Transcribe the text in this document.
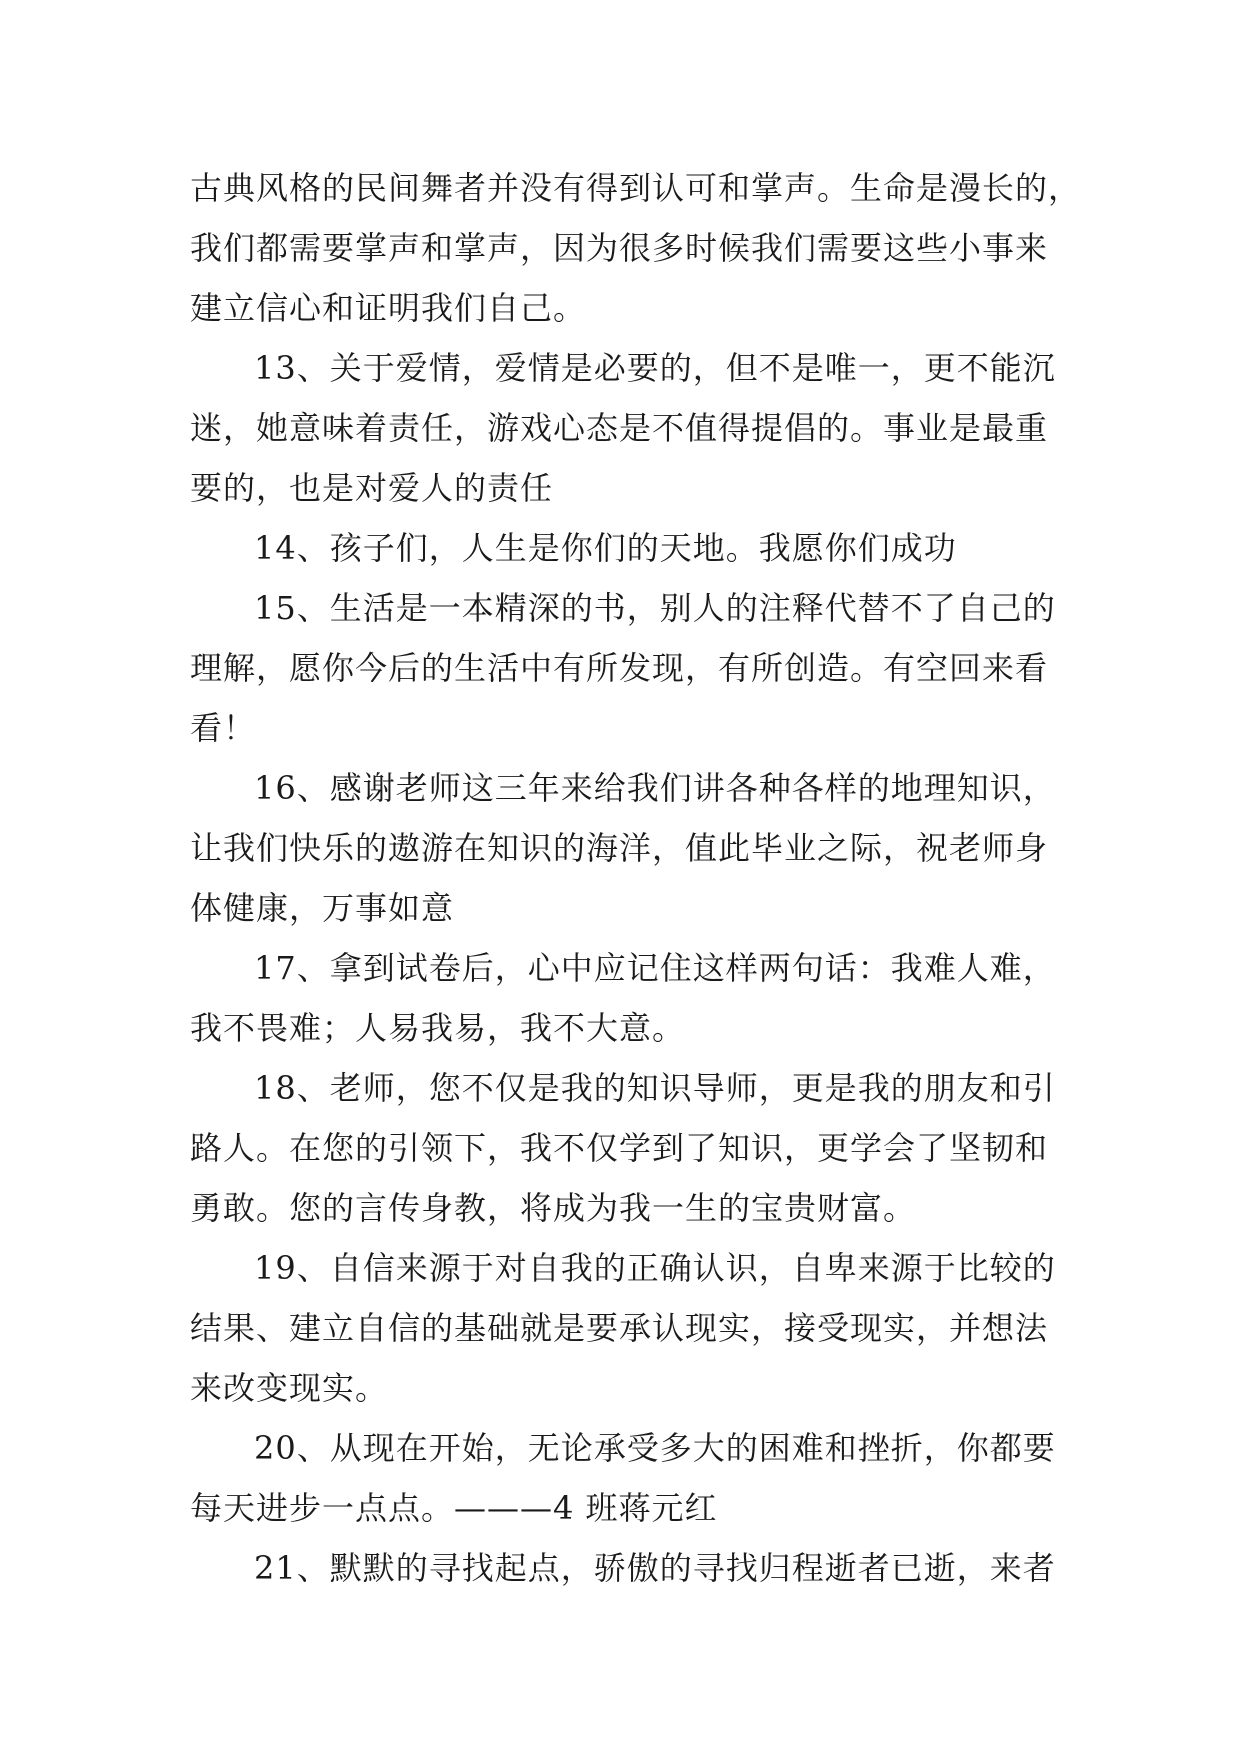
古典风格的民间舞者并没有得到认可和掌声。生命是漫长的，
我们都需要掌声和掌声，因为很多时候我们需要这些小事来
建立信心和证明我们自己。
13、关于爱情，爱情是必要的，但不是唯一，更不能沉
迷，她意味着责任，游戏心态是不值得提倡的。事业是最重
要的，也是对爱人的责任
14、孩子们，人生是你们的天地。我愿你们成功
15、生活是一本精深的书，别人的注释代替不了自己的
理解，愿你今后的生活中有所发现，有所创造。有空回来看
看！
16、感谢老师这三年来给我们讲各种各样的地理知识，
让我们快乐的遨游在知识的海洋，值此毕业之际，祝老师身
体健康，万事如意
17、拿到试卷后，心中应记住这样两句话：我难人难，
我不畏难；人易我易，我不大意。
18、老师，您不仅是我的知识导师，更是我的朋友和引
路人。在您的引领下，我不仅学到了知识，更学会了坚韧和
勇敢。您的言传身教，将成为我一生的宝贵财富。
19、自信来源于对自我的正确认识，自卑来源于比较的
结果、建立自信的基础就是要承认现实，接受现实，并想法
来改变现实。
20、从现在开始，无论承受多大的困难和挫折，你都要
每天进步一点点。———4 班蒋元红
21、默默的寻找起点，骄傲的寻找归程逝者已逝，来者
